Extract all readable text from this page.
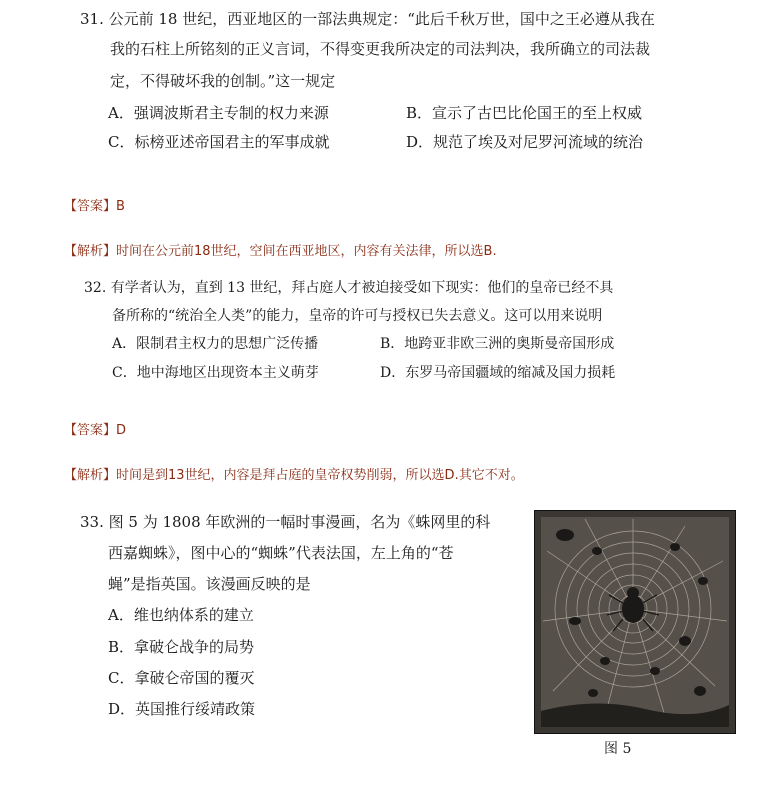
31. 公元前 18 世纪，西亚地区的一部法典规定：“此后千秋万世，国中之王必遵从我在
我的石柱上所铭刻的正义言词，不得变更我所决定的司法判决，我所确立的司法裁
定，不得破坏我的创制。”这一规定
A．强调波斯君主专制的权力来源	B．宣示了古巴比伦国王的至上权威
C．标榜亚述帝国君主的军事成就	D．规范了埃及对尼罗河流域的统治
【答案】B
【解析】时间在公元前18世纪，空间在西亚地区，内容有关法律，所以选B.
32. 有学者认为，直到 13 世纪，拜占庭人才被迫接受如下现实：他们的皇帝已经不具
备所称的“统治全人类”的能力，皇帝的许可与授权已失去意义。这可以用来说明
A．限制君主权力的思想广泛传播	B．地跨亚非欧三洲的奥斯曼帝国形成
C．地中海地区出现资本主义萌芽	D．东罗马帝国疆域的缩减及国力损耗
【答案】D
【解析】时间是到13世纪，内容是拜占庭的皇帝权势削弱，所以选D.其它不对。
33. 图 5 为 1808 年欧洲的一幅时事漫画，名为《蛛网里的科
西嘉蜘蛛》，图中心的“蜘蛛”代表法国，左上角的“苍
蝇”是指英国。该漫画反映的是
A．维也纳体系的建立
B．拿破仑战争的局势
C．拿破仑帝国的覆灭
D．英国推行绥靖政策
图 5
